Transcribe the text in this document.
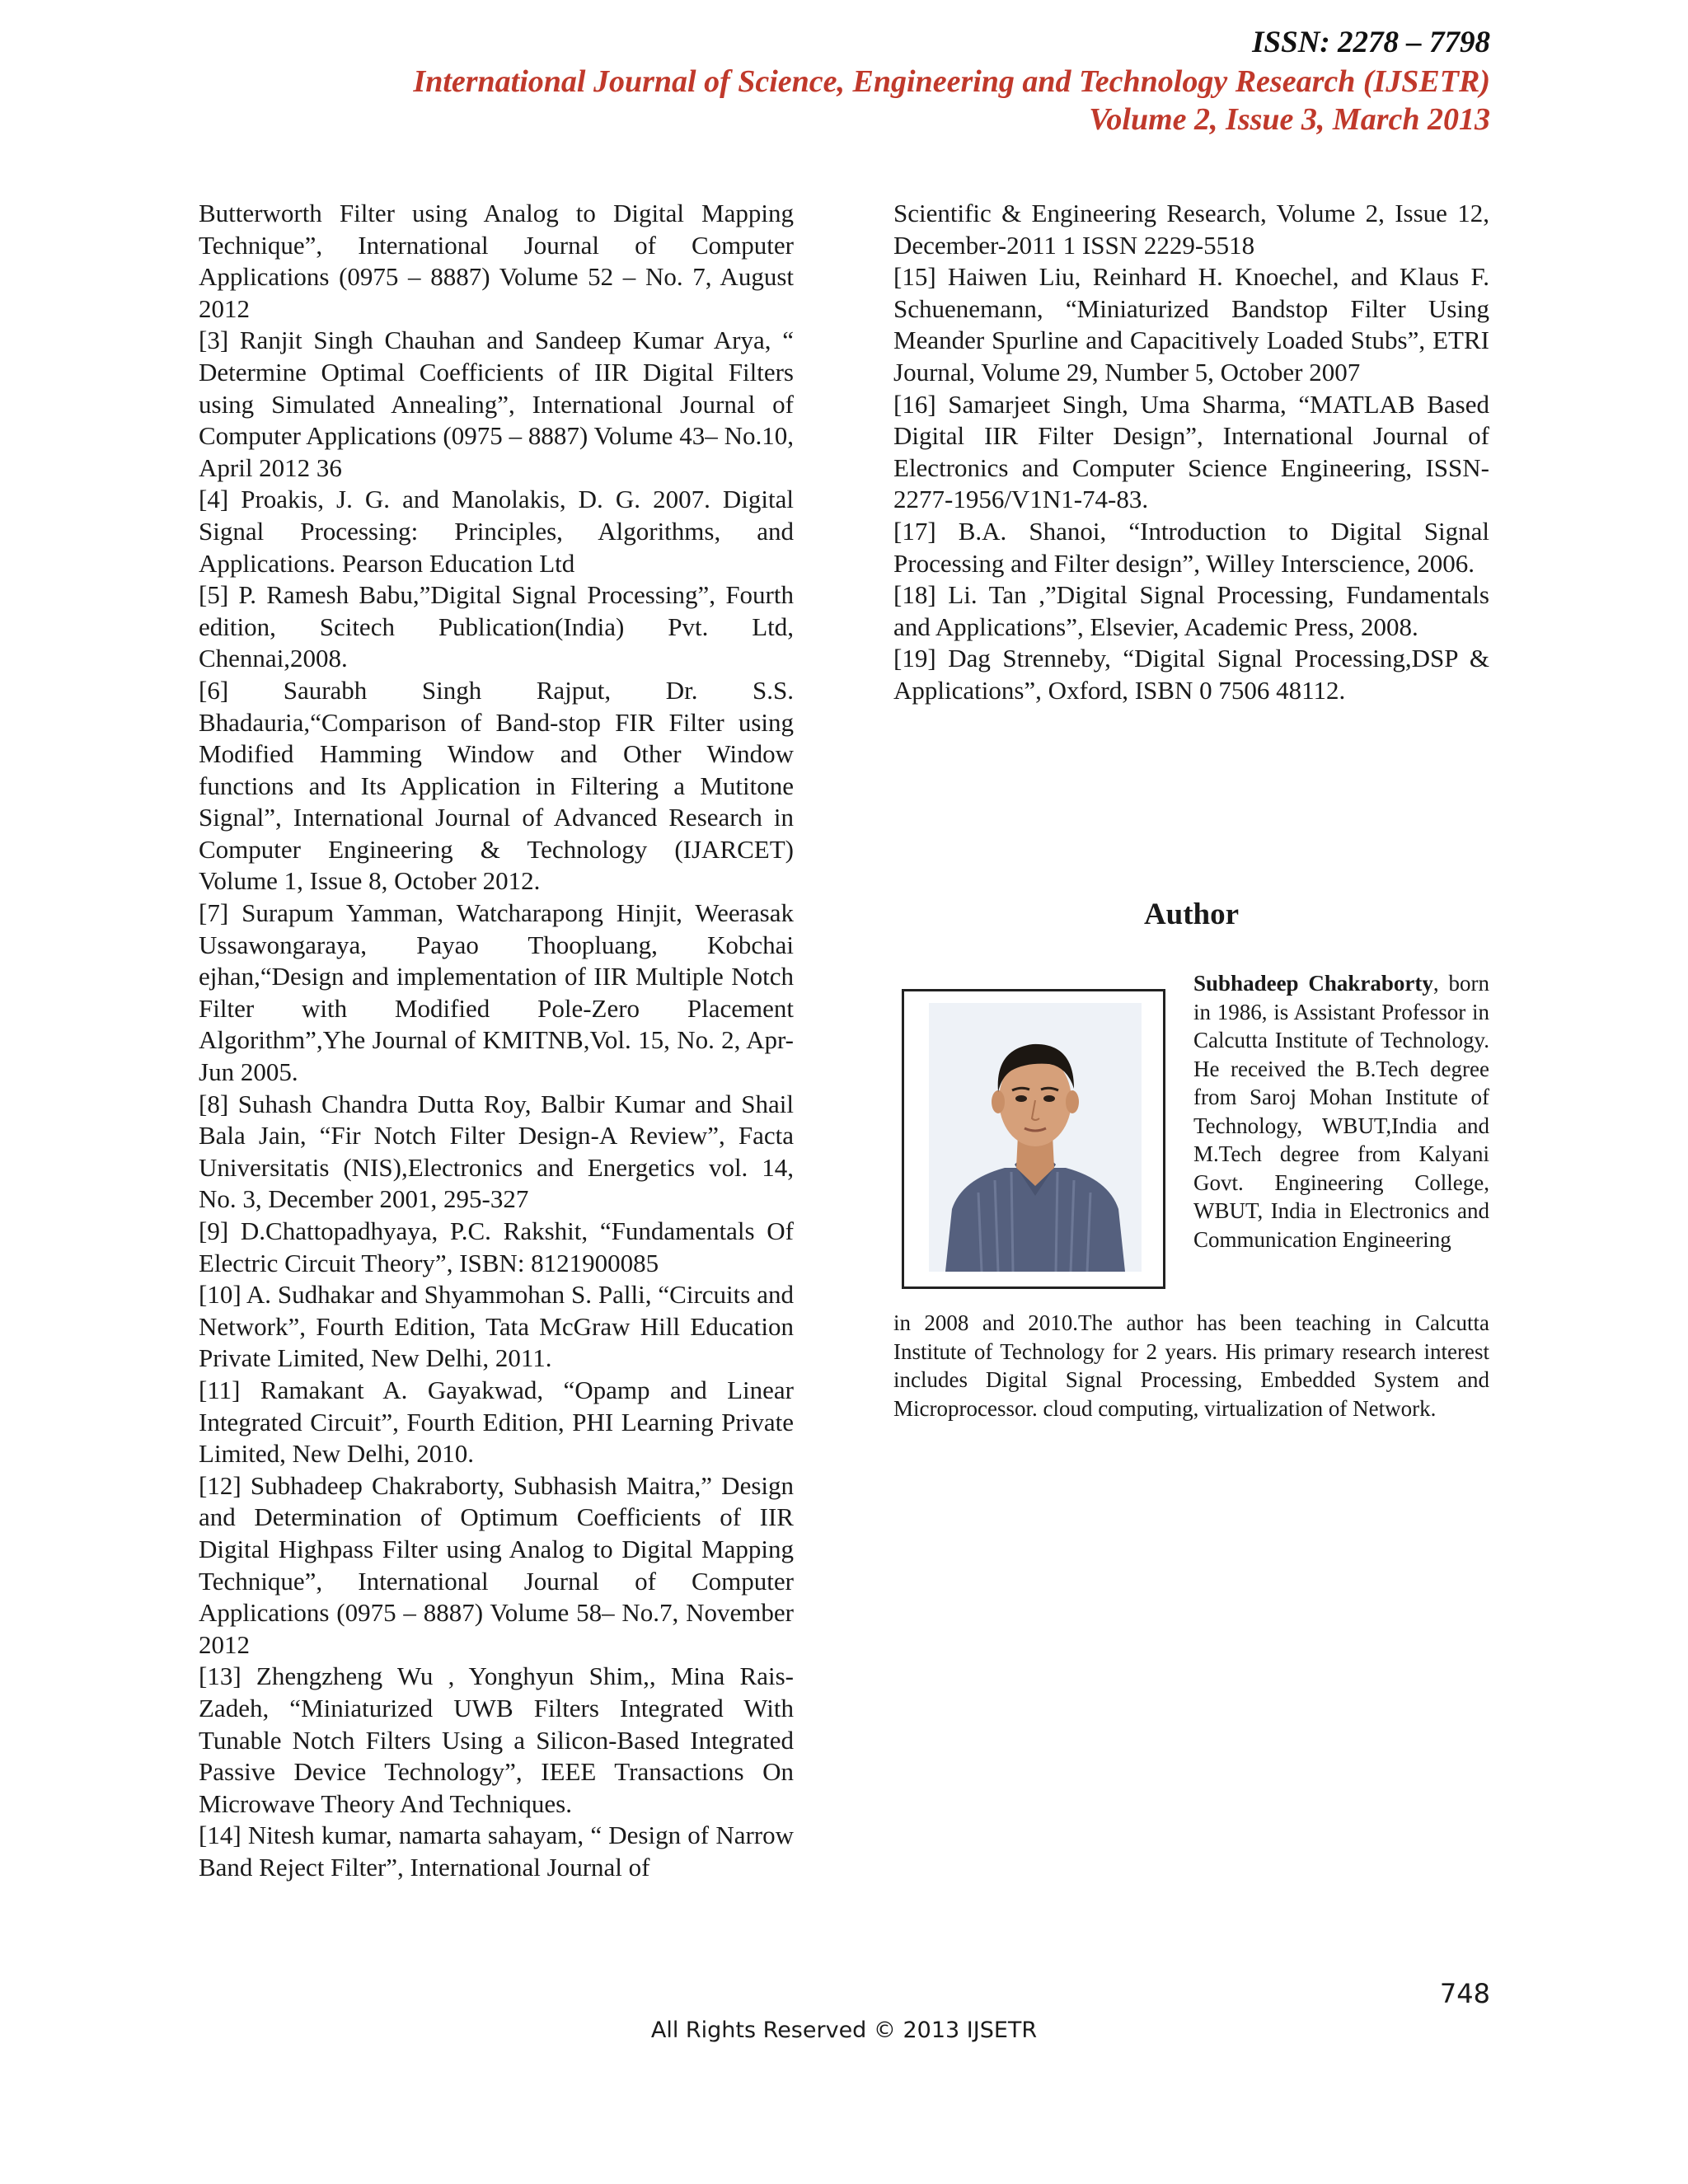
ISSN: 2278 – 7798
International Journal of Science, Engineering and Technology Research (IJSETR)
Volume 2, Issue 3, March 2013

Butterworth Filter using Analog to Digital Mapping Technique”, International Journal of Computer Applications (0975 – 8887) Volume 52 – No. 7, August 2012

[3] Ranjit Singh Chauhan and Sandeep Kumar Arya, “ Determine Optimal Coefficients of IIR Digital Filters using Simulated Annealing”, International Journal of Computer Applications (0975 – 8887) Volume 43– No.10, April 2012 36

[4] Proakis, J. G. and Manolakis, D. G. 2007. Digital Signal Processing: Principles, Algorithms, and Applications. Pearson Education Ltd

[5] P. Ramesh Babu,”Digital Signal Processing”, Fourth edition, Scitech Publication(India) Pvt. Ltd, Chennai,2008.

[6] Saurabh Singh Rajput, Dr. S.S. Bhadauria,“Comparison of Band-stop FIR Filter using Modified Hamming Window and Other Window functions and Its Application in Filtering a Mutitone Signal”, International Journal of Advanced Research in Computer Engineering & Technology (IJARCET) Volume 1, Issue 8, October 2012.

[7] Surapum Yamman, Watcharapong Hinjit, Weerasak Ussawongaraya, Payao Thoopluang, Kobchai ejhan,“Design and implementation of IIR Multiple Notch Filter with Modified Pole-Zero Placement Algorithm”,Yhe Journal of KMITNB,Vol. 15, No. 2, Apr-Jun 2005.

[8] Suhash Chandra Dutta Roy, Balbir Kumar and Shail Bala Jain, “Fir Notch Filter Design-A Review”, Facta Universitatis (NIS),Electronics and Energetics vol. 14, No. 3, December 2001, 295-327

[9] D.Chattopadhyaya, P.C. Rakshit, “Fundamentals Of Electric Circuit Theory”, ISBN: 8121900085

[10] A. Sudhakar and Shyammohan S. Palli, “Circuits and Network”, Fourth Edition, Tata McGraw Hill Education Private Limited, New Delhi, 2011.

[11] Ramakant A. Gayakwad, “Opamp and Linear Integrated Circuit”, Fourth Edition, PHI Learning Private Limited, New Delhi, 2010.

[12] Subhadeep Chakraborty, Subhasish Maitra,” Design and Determination of Optimum Coefficients of IIR Digital Highpass Filter using Analog to Digital Mapping Technique”, International Journal of Computer Applications (0975 – 8887) Volume 58– No.7, November 2012

[13] Zhengzheng Wu , Yonghyun Shim,, Mina Rais-Zadeh, “Miniaturized UWB Filters Integrated With Tunable Notch Filters Using a Silicon-Based Integrated Passive Device Technology”, IEEE Transactions On Microwave Theory And Techniques.

[14] Nitesh kumar, namarta sahayam, “ Design of Narrow Band Reject Filter”, International Journal of

Scientific & Engineering Research, Volume 2, Issue 12, December-2011 1 ISSN 2229-5518

[15] Haiwen Liu, Reinhard H. Knoechel, and Klaus F. Schuenemann, “Miniaturized Bandstop Filter Using Meander Spurline and Capacitively Loaded Stubs”, ETRI Journal, Volume 29, Number 5, October 2007

[16] Samarjeet Singh, Uma Sharma, “MATLAB Based Digital IIR Filter Design”, International Journal of Electronics and Computer Science Engineering, ISSN- 2277-1956/V1N1-74-83.

[17] B.A. Shanoi, “Introduction to Digital Signal Processing and Filter design”, Willey Interscience, 2006.

[18] Li. Tan ,”Digital Signal Processing, Fundamentals and Applications”, Elsevier, Academic Press, 2008.

[19] Dag Strenneby, “Digital Signal Processing,DSP & Applications”, Oxford, ISBN 0 7506 48112.

Author
Subhadeep Chakraborty, born in 1986, is Assistant Professor in Calcutta Institute of Technology. He received the B.Tech degree from Saroj Mohan Institute of Technology, WBUT,India and M.Tech degree from Kalyani Govt. Engineering College, WBUT, India in Electronics and Communication Engineering
in 2008 and 2010.The author has been teaching in Calcutta Institute of Technology for 2 years. His primary research interest includes Digital Signal Processing, Embedded System and Microprocessor. cloud computing, virtualization of Network.
748
All Rights Reserved © 2013 IJSETR
